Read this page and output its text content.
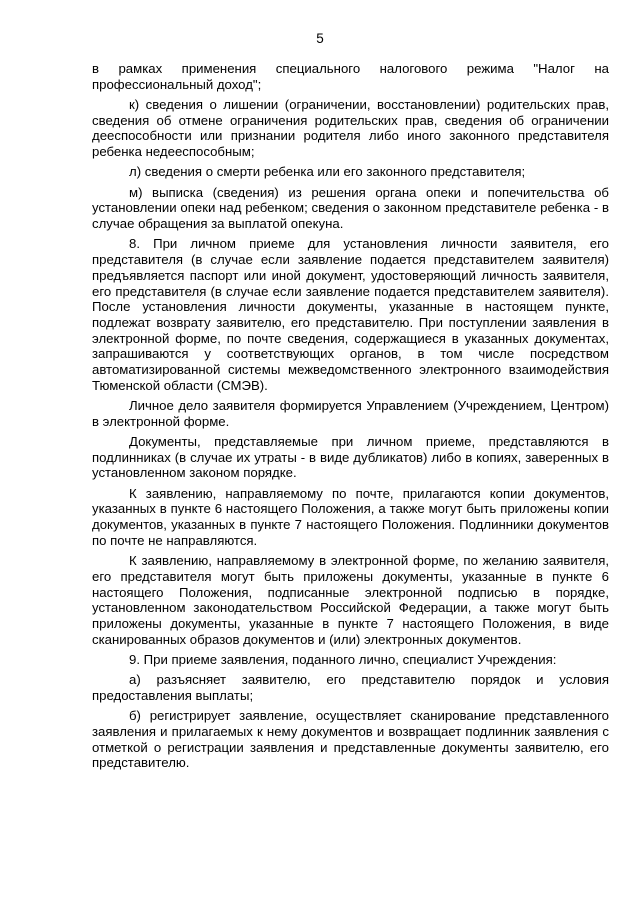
5

в рамках применения специального налогового режима "Налог на профессиональный доход";

к) сведения о лишении (ограничении, восстановлении) родительских прав, сведения об отмене ограничения родительских прав, сведения об ограничении дееспособности или признании родителя либо иного законного представителя ребенка недееспособным;

л) сведения о смерти ребенка или его законного представителя;

м) выписка (сведения) из решения органа опеки и попечительства об установлении опеки над ребенком; сведения о законном представителе ребенка - в случае обращения за выплатой опекуна.

8. При личном приеме для установления личности заявителя, его представителя (в случае если заявление подается представителем заявителя) предъявляется паспорт или иной документ, удостоверяющий личность заявителя, его представителя (в случае если заявление подается представителем заявителя). После установления личности документы, указанные в настоящем пункте, подлежат возврату заявителю, его представителю. При поступлении заявления в электронной форме, по почте сведения, содержащиеся в указанных документах, запрашиваются у соответствующих органов, в том числе посредством автоматизированной системы межведомственного электронного взаимодействия Тюменской области (СМЭВ).

Личное дело заявителя формируется Управлением (Учреждением, Центром) в электронной форме.

Документы, представляемые при личном приеме, представляются в подлинниках (в случае их утраты - в виде дубликатов) либо в копиях, заверенных в установленном законом порядке.

К заявлению, направляемому по почте, прилагаются копии документов, указанных в пункте 6 настоящего Положения, а также могут быть приложены копии документов, указанных в пункте 7 настоящего Положения. Подлинники документов по почте не направляются.

К заявлению, направляемому в электронной форме, по желанию заявителя, его представителя могут быть приложены документы, указанные в пункте 6 настоящего Положения, подписанные электронной подписью в порядке, установленном законодательством Российской Федерации, а также могут быть приложены документы, указанные в пункте 7 настоящего Положения, в виде сканированных образов документов и (или) электронных документов.

9. При приеме заявления, поданного лично, специалист Учреждения:

а) разъясняет заявителю, его представителю порядок и условия предоставления выплаты;

б) регистрирует заявление, осуществляет сканирование представленного заявления и прилагаемых к нему документов и возвращает подлинник заявления с отметкой о регистрации заявления и представленные документы заявителю, его представителю.
